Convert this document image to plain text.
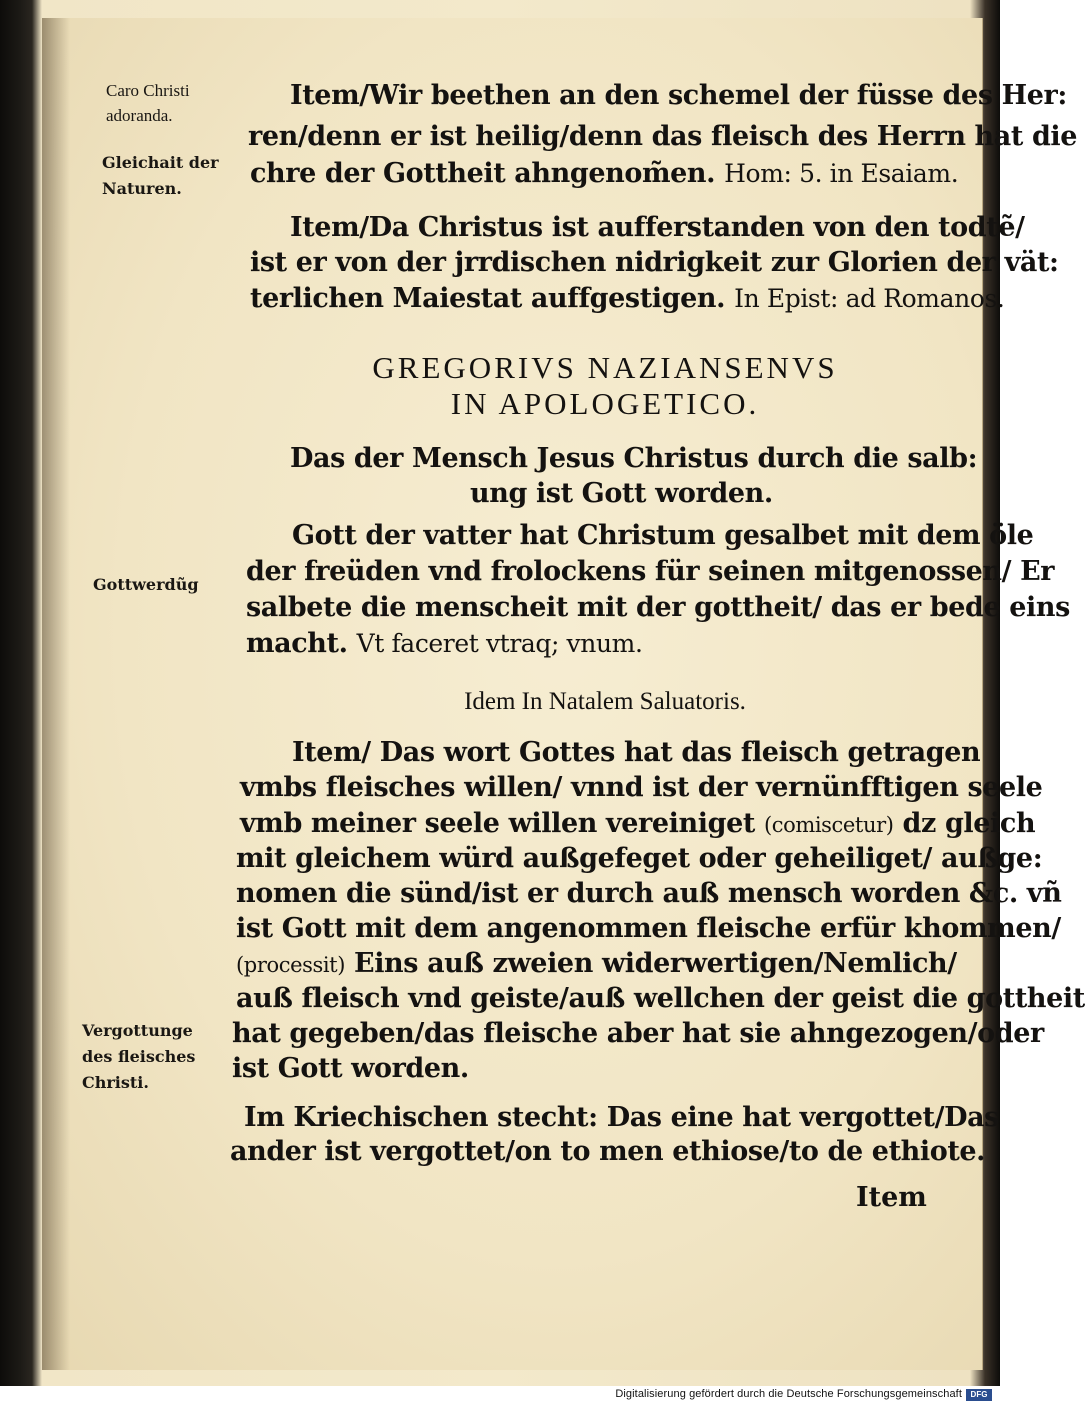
Caro Christi
adoranda.
Gleichait der
Naturen.
Gottwerdũg
Vergottunge
des fleisches
Christi.
Item/Wir beethen an den schemel der füsse des Her:
ren/denn er ist heilig/denn das fleisch des Herrn hat die
chre der Gottheit ahngenom̃en. Hom: 5. in Esaiam.
Item/Da Christus ist aufferstanden von den todtẽ/
ist er von der jrrdischen nidrigkeit zur Glorien der vät:
terlichen Maiestat auffgestigen. In Epist: ad Romanos.
GREGORIVS NAZIANSENVS
IN APOLOGETICO.
Das der Mensch Jesus Christus durch die salb:
ung ist Gott worden.
Gott der vatter hat Christum gesalbet mit dem öle
der freüden vnd frolockens für seinen mitgenossen/ Er
salbete die menscheit mit der gottheit/ das er bede eins
macht. Vt faceret vtraq; vnum.
Idem In Natalem Saluatoris.
Item/ Das wort Gottes hat das fleisch getragen
vmbs fleisches willen/ vnnd ist der vernünfftigen seele
vmb meiner seele willen vereiniget (comiscetur) dz gleich
mit gleichem würd außgefeget oder geheiliget/ außge:
nomen die sünd/ist er durch auß mensch worden &c. vñ
ist Gott mit dem angenommen fleische erfür khommen/
(processit) Eins auß zweien widerwertigen/Nemlich/
auß fleisch vnd geiste/auß wellchen der geist die gottheit
hat gegeben/das fleische aber hat sie ahngezogen/oder
ist Gott worden.
Im Kriechischen stecht: Das eine hat vergottet/Das
ander ist vergottet/on to men ethiose/to de ethiote.
Item
Digitalisierung gefördert durch die Deutsche Forschungsgemeinschaft	DFG
